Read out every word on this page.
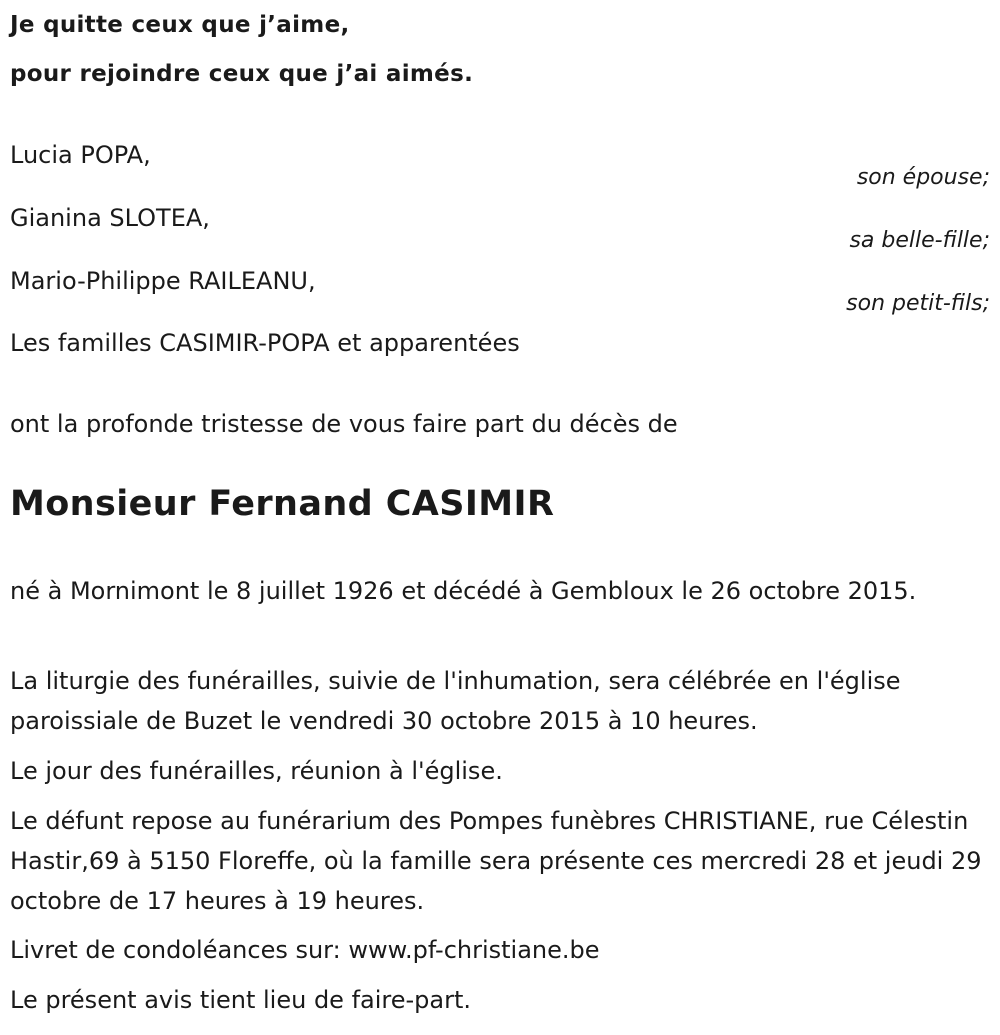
Je quitte ceux que j’aime,
pour rejoindre ceux que j’ai aimés.
Lucia POPA,
son épouse;
Gianina SLOTEA,
sa belle-fille;
Mario-Philippe RAILEANU,
son petit-fils;
Les familles CASIMIR-POPA et apparentées
ont la profonde tristesse de vous faire part du décès de
Monsieur Fernand CASIMIR

né à Mornimont le 8 juillet 1926 et décédé à Gembloux le 26 octobre 2015.

La liturgie des funérailles, suivie de l'inhumation, sera célébrée en l'église paroissiale de Buzet le vendredi 30 octobre 2015 à 10 heures.

Le jour des funérailles, réunion à l'église.

Le défunt repose au funérarium des Pompes funèbres CHRISTIANE, rue Célestin Hastir,69 à 5150 Floreffe, où la famille sera présente ces mercredi 28 et jeudi 29 octobre de 17 heures à 19 heures.

Livret de condoléances sur: www.pf-christiane.be

Le présent avis tient lieu de faire-part.
